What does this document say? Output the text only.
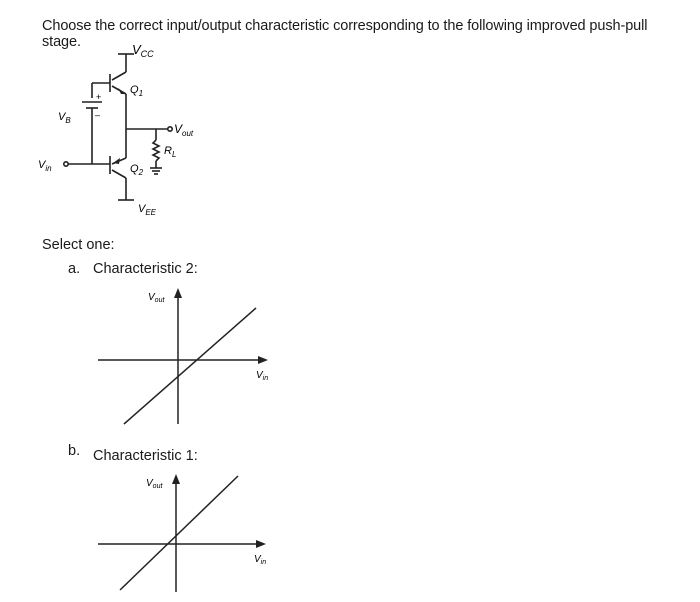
Choose the correct input/output characteristic corresponding to the following improved push-pull stage.	$V_{CC}$
$Q_1$
$Q_2$
$V_B$
+
–
$V_{in}$
$V_{out}$
$R_L$
$V_{EE}$
Select one:
a. Characteristic 2:
$V_{out}$
$V_{in}$
b. Characteristic 1:
$V_{out}$
$V_{in}$
